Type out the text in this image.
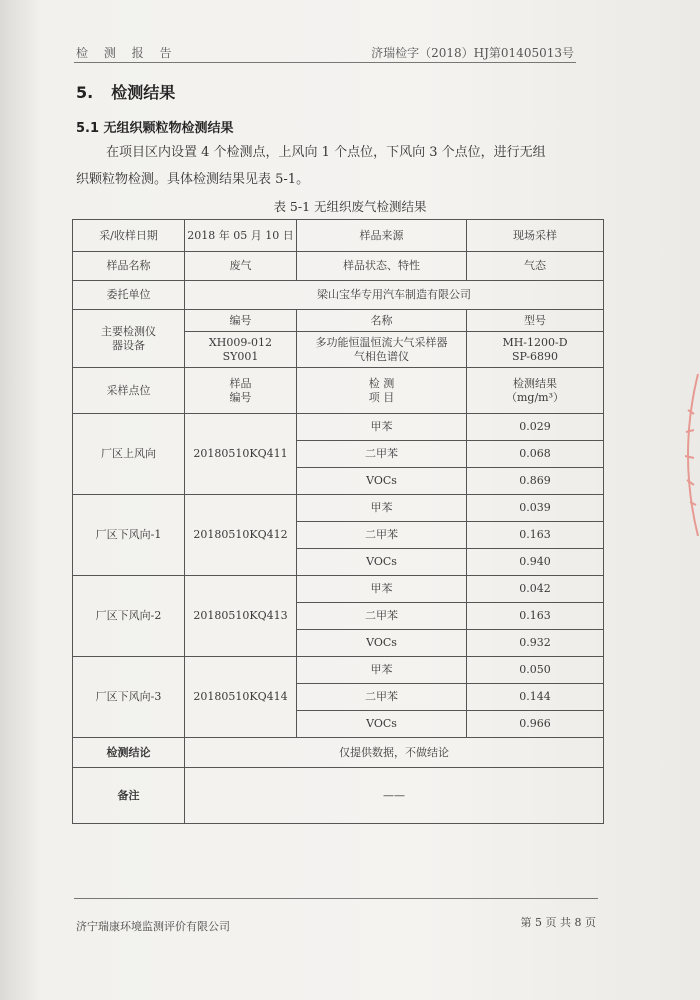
检 测 报 告	济瑞检字（2018）HJ第01405013号
5. 检测结果
5.1 无组织颗粒物检测结果
在项目区内设置 4 个检测点，上风向 1 个点位，下风向 3 个点位，进行无组
织颗粒物检测。具体检测结果见表 5-1。
表 5-1 无组织废气检测结果
采/收样日期	2018 年 05 月 10 日	样品来源	现场采样
样品名称	废气	样品状态、特性	气态
委托单位	梁山宝华专用汽车制造有限公司		
主要检测仪器设备	编号	名称	型号
	XH009-012 SY001	多功能恒温恒流大气采样器 气相色谱仪	MH-1200-D SP-6890
采样点位	样品 编号	检 测 项 目	检测结果 （mg/m³）
厂区上风向	20180510KQ411	甲苯	0.029
		二甲苯	0.068
		VOCs	0.869
厂区下风向-1	20180510KQ412	甲苯	0.039
		二甲苯	0.163
		VOCs	0.940
厂区下风向-2	20180510KQ413	甲苯	0.042
		二甲苯	0.163
		VOCs	0.932
厂区下风向-3	20180510KQ414	甲苯	0.050
		二甲苯	0.144
		VOCs	0.966
检测结论	仅提供数据，不做结论		
备注	——		
济宁瑞康环境监测评价有限公司	第 5 页 共 8 页
